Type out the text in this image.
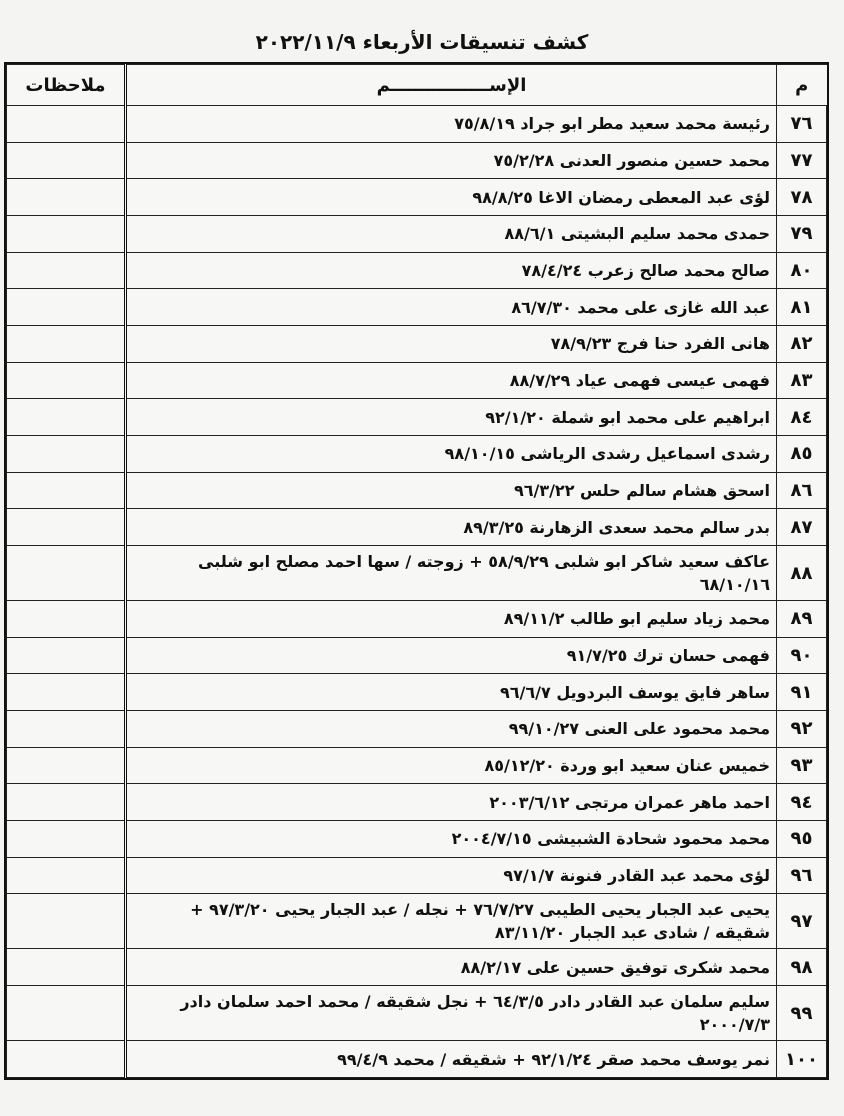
كشف تنسيقات الأربعاء ٢٠٢٢/١١/٩
م	الإســــــــــــــــم	ملاحظات
٧٦	رئيسة محمد سعيد مطر ابو جراد ٧٥/٨/١٩	
٧٧	محمد حسين منصور العدنى ٧٥/٢/٢٨	
٧٨	لؤى عبد المعطى رمضان الاغا ٩٨/٨/٢٥	
٧٩	حمدى محمد سليم البشيتى ٨٨/٦/١	
٨٠	صالح محمد صالح زعرب ٧٨/٤/٢٤	
٨١	عبد الله غازى على محمد ٨٦/٧/٣٠	
٨٢	هانى الفرد حنا فرج ٧٨/٩/٢٣	
٨٣	فهمى عيسى فهمى عياد ٨٨/٧/٢٩	
٨٤	ابراهيم على محمد ابو شملة ٩٢/١/٢٠	
٨٥	رشدى اسماعيل رشدى الرياشى ٩٨/١٠/١٥	
٨٦	اسحق هشام سالم حلس ٩٦/٣/٢٢	
٨٧	بدر سالم محمد سعدى الزهارنة ٨٩/٣/٢٥	
٨٨	عاكف سعيد شاكر ابو شلبى ٥٨/٩/٢٩ + زوجته / سها احمد مصلح ابو شلبى ٦٨/١٠/١٦	
٨٩	محمد زياد سليم ابو طالب ٨٩/١١/٢	
٩٠	فهمى حسان ترك ٩١/٧/٢٥	
٩١	ساهر فايق يوسف البردويل ٩٦/٦/٧	
٩٢	محمد محمود على العنى ٩٩/١٠/٢٧	
٩٣	خميس عنان سعيد ابو وردة ٨٥/١٢/٢٠	
٩٤	احمد ماهر عمران مرتجى ٢٠٠٣/٦/١٢	
٩٥	محمد محمود شحادة الشبيشى ٢٠٠٤/٧/١٥	
٩٦	لؤى محمد عبد القادر فنونة ٩٧/١/٧	
٩٧	يحيى عبد الجبار يحيى الطيبى ٧٦/٧/٢٧ + نجله / عبد الجبار يحيى ٩٧/٣/٢٠ + شقيقه / شادى عبد الجبار ٨٣/١١/٢٠	
٩٨	محمد شكرى توفيق حسين على ٨٨/٢/١٧	
٩٩	سليم سلمان عبد القادر دادر ٦٤/٣/٥ + نجل شقيقه / محمد احمد سلمان دادر ٢٠٠٠/٧/٣	
١٠٠	نمر يوسف محمد صقر ٩٢/١/٢٤ + شقيقه / محمد ٩٩/٤/٩	
